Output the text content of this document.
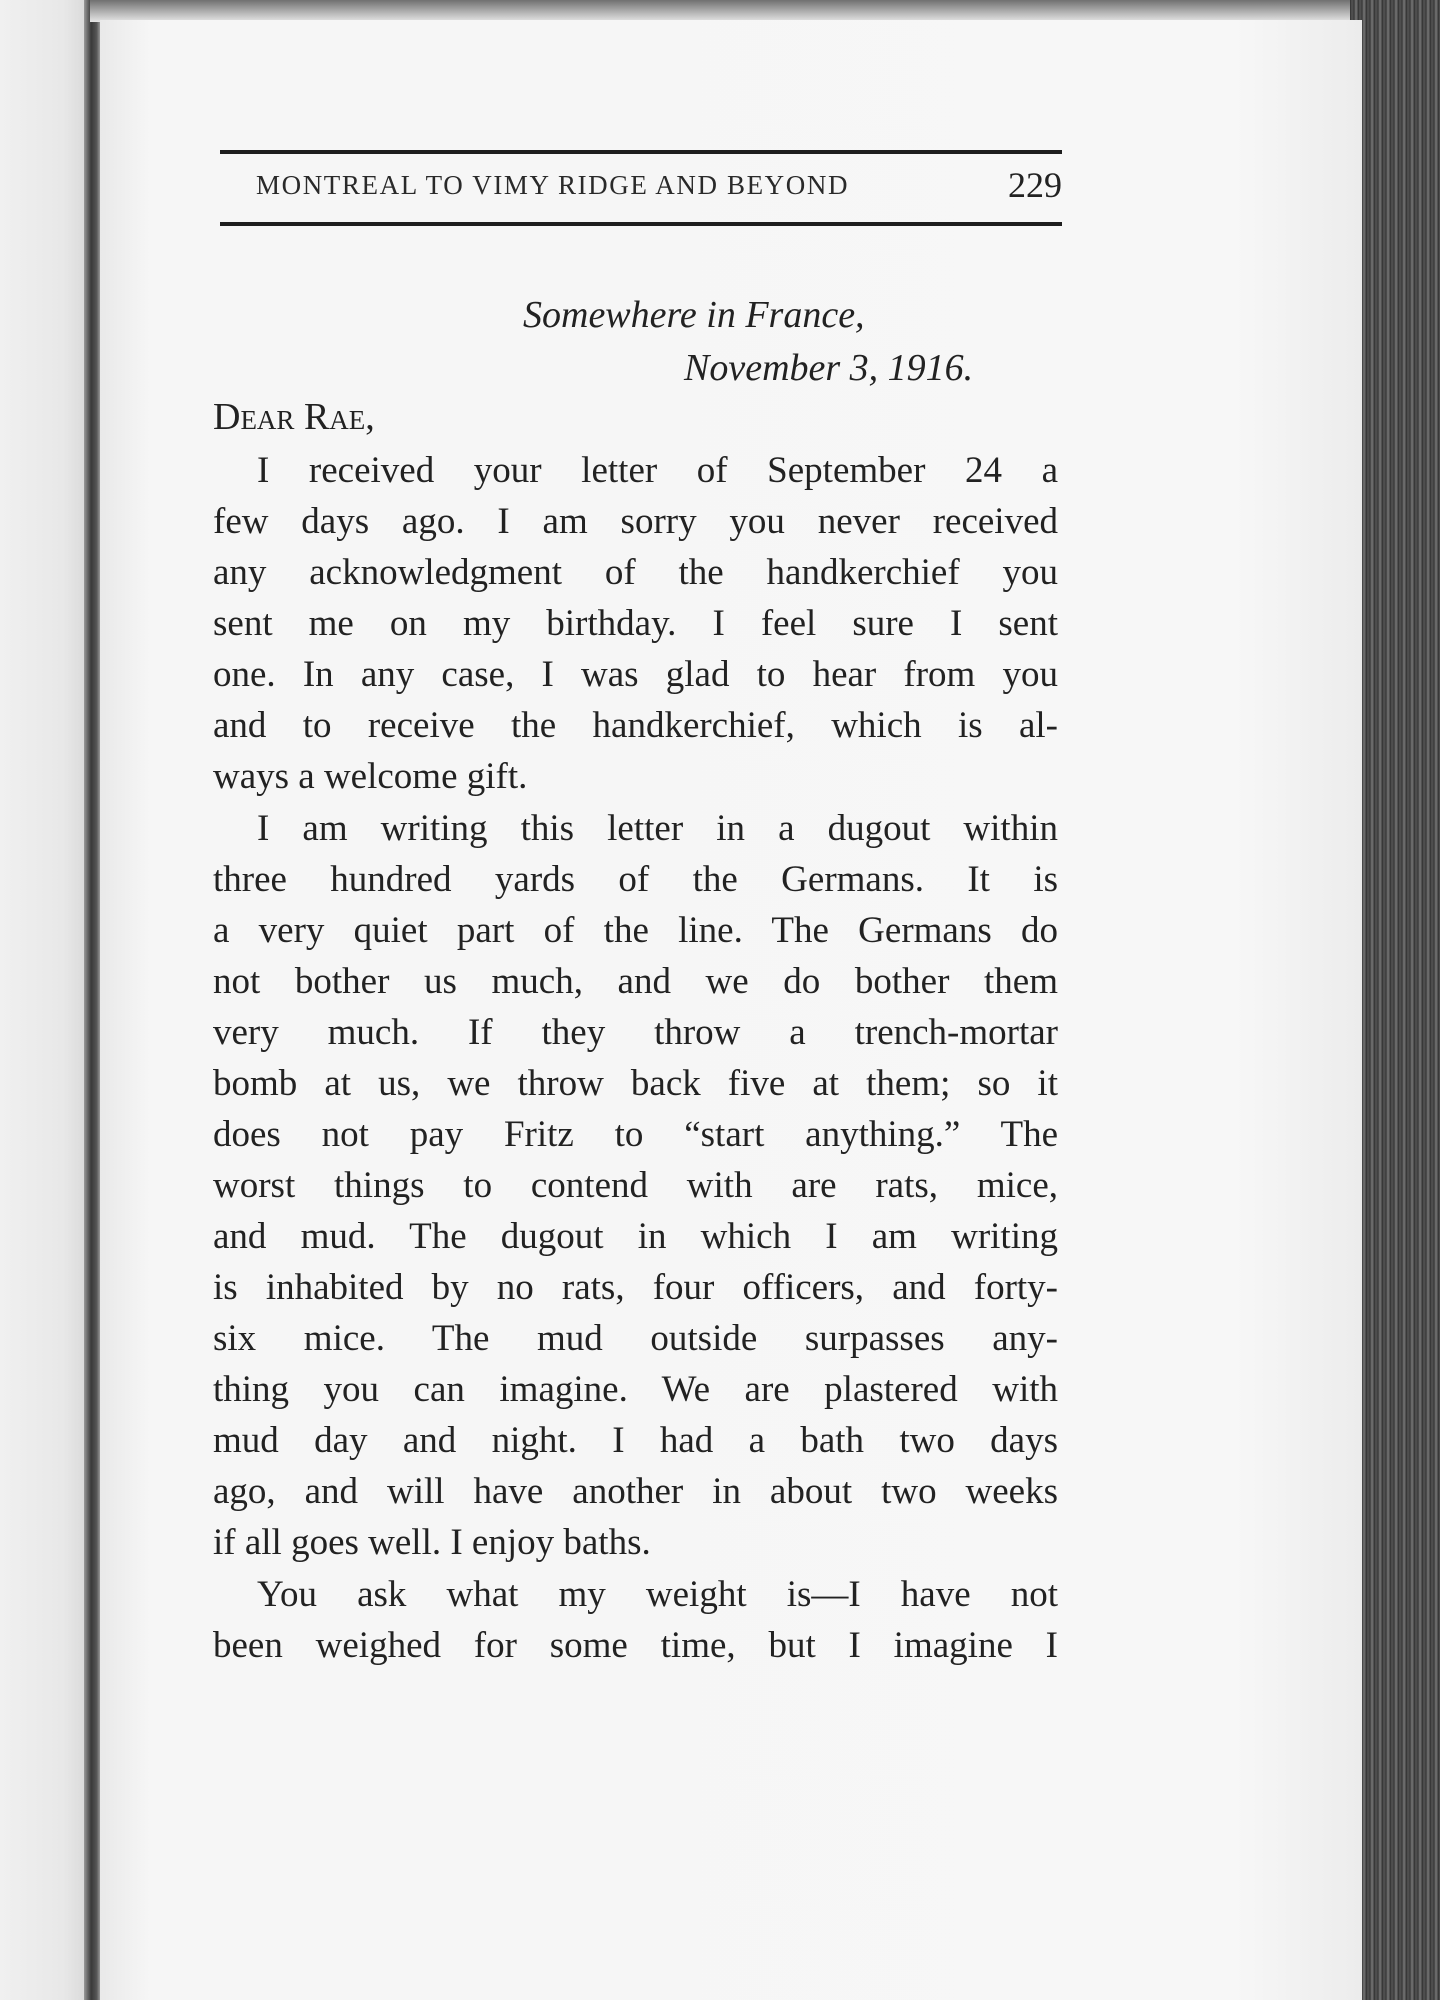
MONTREAL TO VIMY RIDGE AND BEYOND	229
Somewhere in France,
November 3, 1916.
Dear Rae,
I received your letter of September 24 a
few days ago. I am sorry you never received
any acknowledgment of the handkerchief you
sent me on my birthday. I feel sure I sent
one. In any case, I was glad to hear from you
and to receive the handkerchief, which is al-
ways a welcome gift.
I am writing this letter in a dugout within
three hundred yards of the Germans. It is
a very quiet part of the line. The Germans do
not bother us much, and we do bother them
very much. If they throw a trench-mortar
bomb at us, we throw back five at them; so it
does not pay Fritz to “start anything.” The
worst things to contend with are rats, mice,
and mud. The dugout in which I am writing
is inhabited by no rats, four officers, and forty-
six mice. The mud outside surpasses any-
thing you can imagine. We are plastered with
mud day and night. I had a bath two days
ago, and will have another in about two weeks
if all goes well. I enjoy baths.
You ask what my weight is—I have not
been weighed for some time, but I imagine I
